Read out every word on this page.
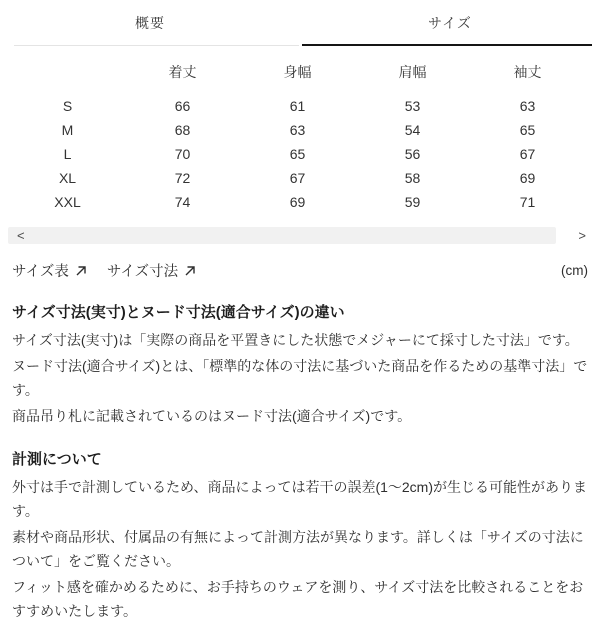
概要	サイズ
	着丈	身幅	肩幅	袖丈
S	66	61	53	63
M	68	63	54	65
L	70	65	56	67
XL	72	67	58	69
XXL	74	69	59	71
<	>
サイズ表	サイズ寸法	(cm)
サイズ寸法(実寸)とヌード寸法(適合サイズ)の違い

サイズ寸法(実寸)は「実際の商品を平置きにした状態でメジャーにて採寸した寸法」です。

ヌード寸法(適合サイズ)とは、「標準的な体の寸法に基づいた商品を作るための基準寸法」です。

商品吊り札に記載されているのはヌード寸法(適合サイズ)です。

計測について

外寸は手で計測しているため、商品によっては若干の誤差(1〜2cm)が生じる可能性があります。

素材や商品形状、付属品の有無によって計測方法が異なります。詳しくは「サイズの寸法について」をご覧ください。

フィット感を確かめるために、お手持ちのウェアを測り、サイズ寸法を比較されることをおすすめいたします。
